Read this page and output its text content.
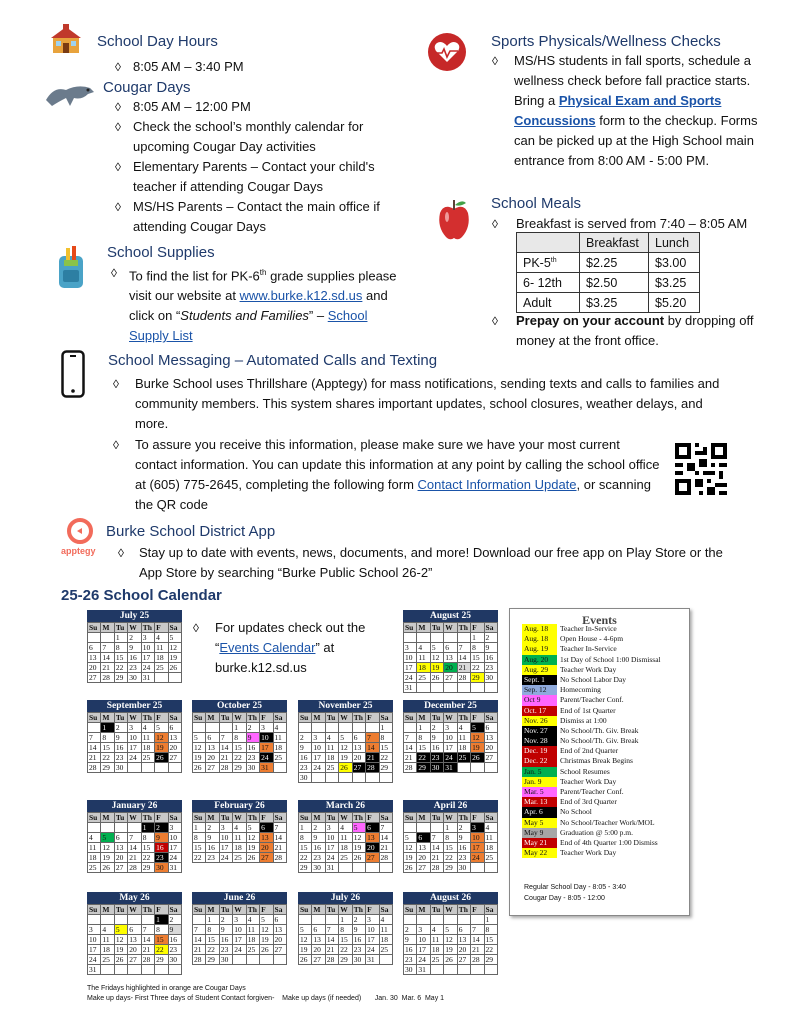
School Day Hours
◊ 8:05 AM – 3:40 PM
Cougar Days
◊ 8:05 AM – 12:00 PM
◊ Check the school’s monthly calendar for upcoming Cougar Day activities
◊ Elementary Parents – Contact your child's teacher if attending Cougar Days
◊ MS/HS Parents – Contact the main office if attending Cougar Days
School Supplies
◊ To find the list for PK-6th grade supplies please visit our website at www.burke.k12.sd.us and click on “Students and Families” – School Supply List
Sports Physicals/Wellness Checks
◊	MS/HS students in fall sports, schedule a wellness check before fall practice starts. Bring a Physical Exam and Sports Concussions form to the checkup. Forms can be picked up at the High School main entrance from 8:00 AM - 5:00 PM.
School Meals
◊	Breakfast is served from 7:40 – 8:05 AM
	Breakfast	Lunch
PK-5th	$2.25	$3.00
6- 12th	$2.50	$3.25
Adult	$3.25	$5.20
◊	Prepay on your account by dropping off money at the front office.
School Messaging – Automated Calls and Texting
◊	Burke School uses Thrillshare (Apptegy) for mass notifications, sending texts and calls to families and community members. This system shares important updates, school closures, weather delays, and more.
◊	To assure you receive this information, please make sure we have your most current contact information. You can update this information at any point by calling the school office at (605) 775-2645, completing the following form Contact Information Update, or scanning the QR code
apptegy
Burke School District App
◊	Stay up to date with events, news, documents, and more! Download our free app on Play Store or the App Store by searching “Burke Public School 26-2”
25-26 School Calendar
◊	For updates check out the “Events Calendar” at burke.k12.sd.us
July 25
Su	M	Tu	W	Th	F	Sa
		1	2	3	4	5
6	7	8	9	10	11	12
13	14	15	16	17	18	19
20	21	22	23	24	25	26
27	28	29	30	31		
August 25
Su	M	Tu	W	Th	F	Sa
					1	2
3	4	5	6	7	8	9
10	11	12	13	14	15	16
17	18	19	20	21	22	23
24	25	26	27	28	29	30
31						
September 25
Su	M	Tu	W	Th	F	Sa
	1	2	3	4	5	6
7	8	9	10	11	12	13
14	15	16	17	18	19	20
21	22	23	24	25	26	27
28	29	30				
October 25
Su	M	Tu	W	Th	F	Sa
			1	2	3	4
5	6	7	8	9	10	11
12	13	14	15	16	17	18
19	20	21	22	23	24	25
26	27	28	29	30	31	
November 25
Su	M	Tu	W	Th	F	Sa
						1
2	3	4	5	6	7	8
9	10	11	12	13	14	15
16	17	18	19	20	21	22
23	24	25	26	27	28	29
30						
December 25
Su	M	Tu	W	Th	F	Sa
	1	2	3	4	5	6
7	8	9	10	11	12	13
14	15	16	17	18	19	20
21	22	23	24	25	26	27
28	29	30	31			
January 26
Su	M	Tu	W	Th	F	Sa
				1	2	3
4	5	6	7	8	9	10
11	12	13	14	15	16	17
18	19	20	21	22	23	24
25	26	27	28	29	30	31
February 26
Su	M	Tu	W	Th	F	Sa
1	2	3	4	5	6	7
8	9	10	11	12	13	14
15	16	17	18	19	20	21
22	23	24	25	26	27	28
March 26
Su	M	Tu	W	Th	F	Sa
1	2	3	4	5	6	7
8	9	10	11	12	13	14
15	16	17	18	19	20	21
22	23	24	25	26	27	28
29	30	31				
April 26
Su	M	Tu	W	Th	F	Sa
			1	2	3	4
5	6	7	8	9	10	11
12	13	14	15	16	17	18
19	20	21	22	23	24	25
26	27	28	29	30		
May 26
Su	M	Tu	W	Th	F	Sa
					1	2
3	4	5	6	7	8	9
10	11	12	13	14	15	16
17	18	19	20	21	22	23
24	25	26	27	28	29	30
31						
June 26
Su	M	Tu	W	Th	F	Sa
	1	2	3	4	5	6
7	8	9	10	11	12	13
14	15	16	17	18	19	20
21	22	23	24	25	26	27
28	29	30				
July 26
Su	M	Tu	W	Th	F	Sa
			1	2	3	4
5	6	7	8	9	10	11
12	13	14	15	16	17	18
19	20	21	22	23	24	25
26	27	28	29	30	31	
August 26
Su	M	Tu	W	Th	F	Sa
						1
2	3	4	5	6	7	8
9	10	11	12	13	14	15
16	17	18	19	20	21	22
23	24	25	26	27	28	29
30	31					
Events
Aug. 18	Teacher In-Service
Aug. 18	Open House - 4-6pm
Aug. 19	Teacher In-Service
Aug. 20	1st Day of School 1:00 Dismissal
Aug. 29	Teacher Work Day
Sept. 1	No School Labor Day
Sep. 12	Homecoming
Oct 9	Parent/Teacher Conf.
Oct. 17	End of 1st Quarter
Nov. 26	Dismiss at 1:00
Nov. 27	No School/Th. Giv. Break
Nov. 28	No School/Th. Giv. Break
Dec. 19	End of 2nd Quarter
Dec. 22	Christmas Break Begins
Jan. 5	School Resumes
Jan. 9	Teacher Work Day
Mar. 5	Parent/Teacher Conf.
Mar. 13	End of 3rd Quarter
Apr. 6	No School
May 5	No School/Teacher Work/MOL
May 9	Graduation @ 5:00 p.m.
May 21	End of 4th Quarter 1:00 Dismiss
May 22	Teacher Work Day
Regular School Day - 8:05 - 3:40
Cougar Day - 8:05 - 12:00
The Fridays highlighted in orange are Cougar Days
Make up days- First Three days of Student Contact forgiven-    Make up days (if needed)       Jan. 30  Mar. 6  May 1
